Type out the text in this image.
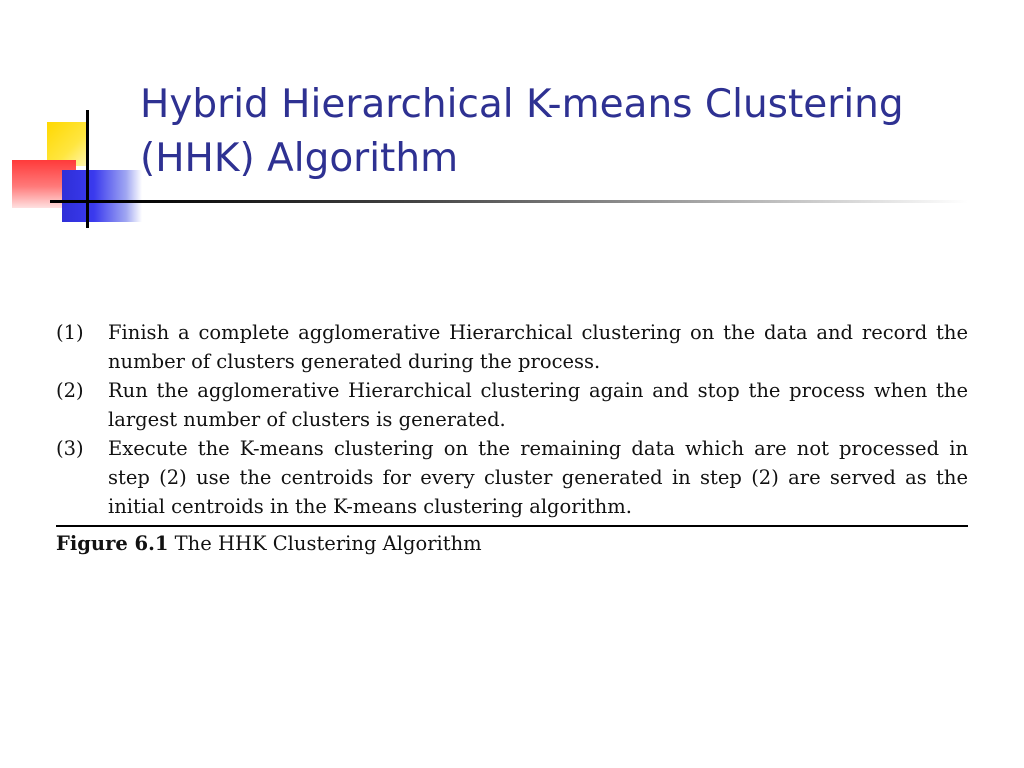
Hybrid Hierarchical K-means Clustering
(HHK) Algorithm
(1)	Finish a complete agglomerative Hierarchical clustering on the data and record the number of clusters generated during the process.
(2)	Run the agglomerative Hierarchical clustering again and stop the process when the largest number of clusters is generated.
(3)	Execute the K-means clustering on the remaining data which are not processed in step (2) use the centroids for every cluster generated in step (2) are served as the initial centroids in the K-means clustering algorithm.
Figure 6.1 The HHK Clustering Algorithm
